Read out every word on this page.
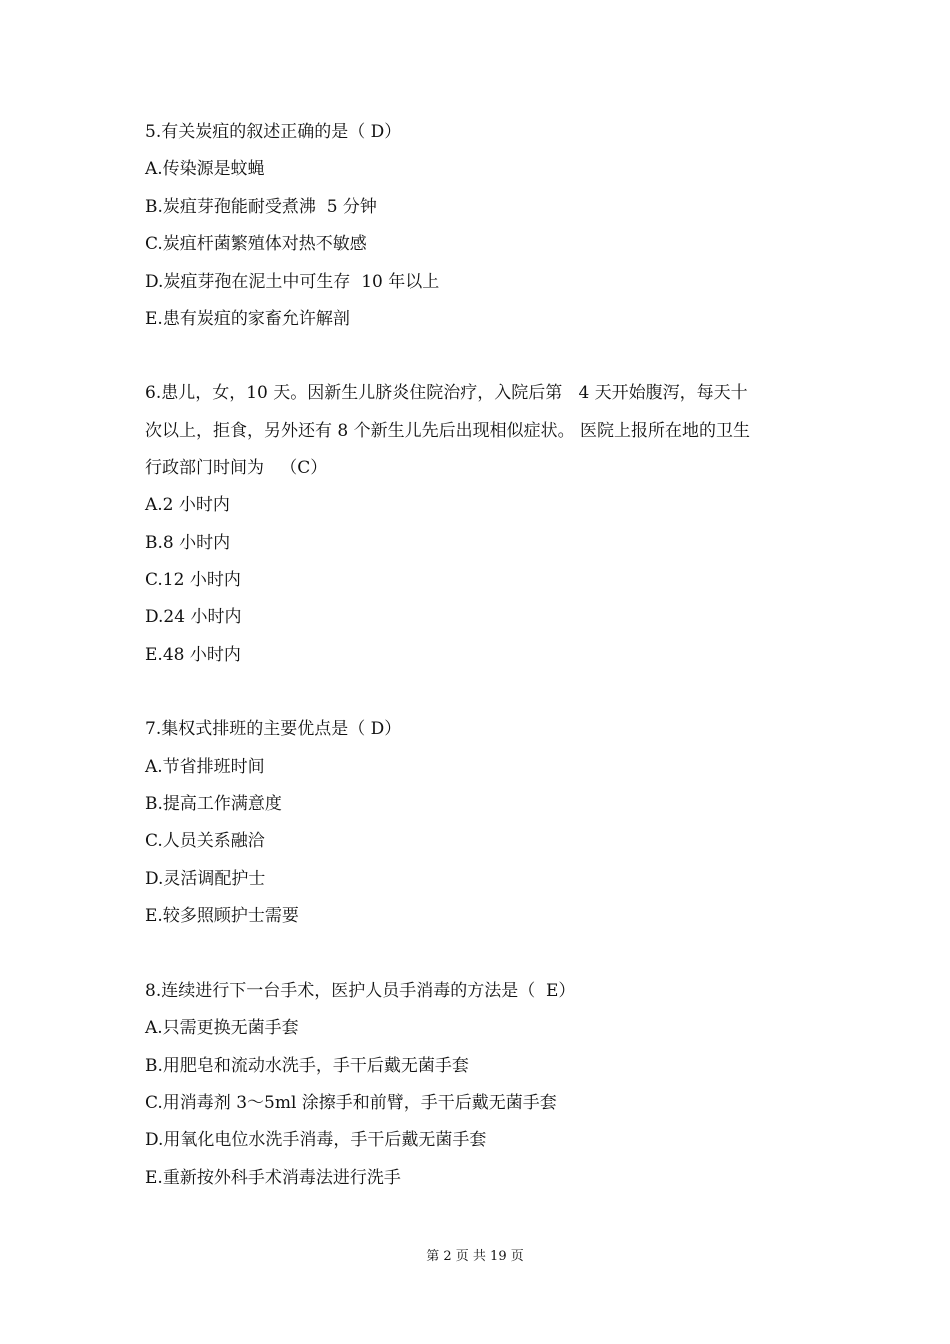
5.有关炭疽的叙述正确的是（ D）
A.传染源是蚊蝇
B.炭疽芽孢能耐受煮沸  5 分钟
C.炭疽杆菌繁殖体对热不敏感
D.炭疽芽孢在泥土中可生存  10 年以上
E.患有炭疽的家畜允许解剖
6.患儿，女，10 天。因新生儿脐炎住院治疗，入院后第   4 天开始腹泻，每天十
次以上，拒食，另外还有 8 个新生儿先后出现相似症状。 医院上报所在地的卫生
行政部门时间为   （C）
A.2 小时内
B.8 小时内
C.12 小时内
D.24 小时内
E.48 小时内
7.集权式排班的主要优点是（ D）
A.节省排班时间
B.提高工作满意度
C.人员关系融洽
D.灵活调配护士
E.较多照顾护士需要
8.连续进行下一台手术，医护人员手消毒的方法是（  E）
A.只需更换无菌手套
B.用肥皂和流动水洗手，手干后戴无菌手套
C.用消毒剂 3～5ml 涂擦手和前臂，手干后戴无菌手套
D.用氧化电位水洗手消毒，手干后戴无菌手套
E.重新按外科手术消毒法进行洗手
第 2 页 共 19 页
